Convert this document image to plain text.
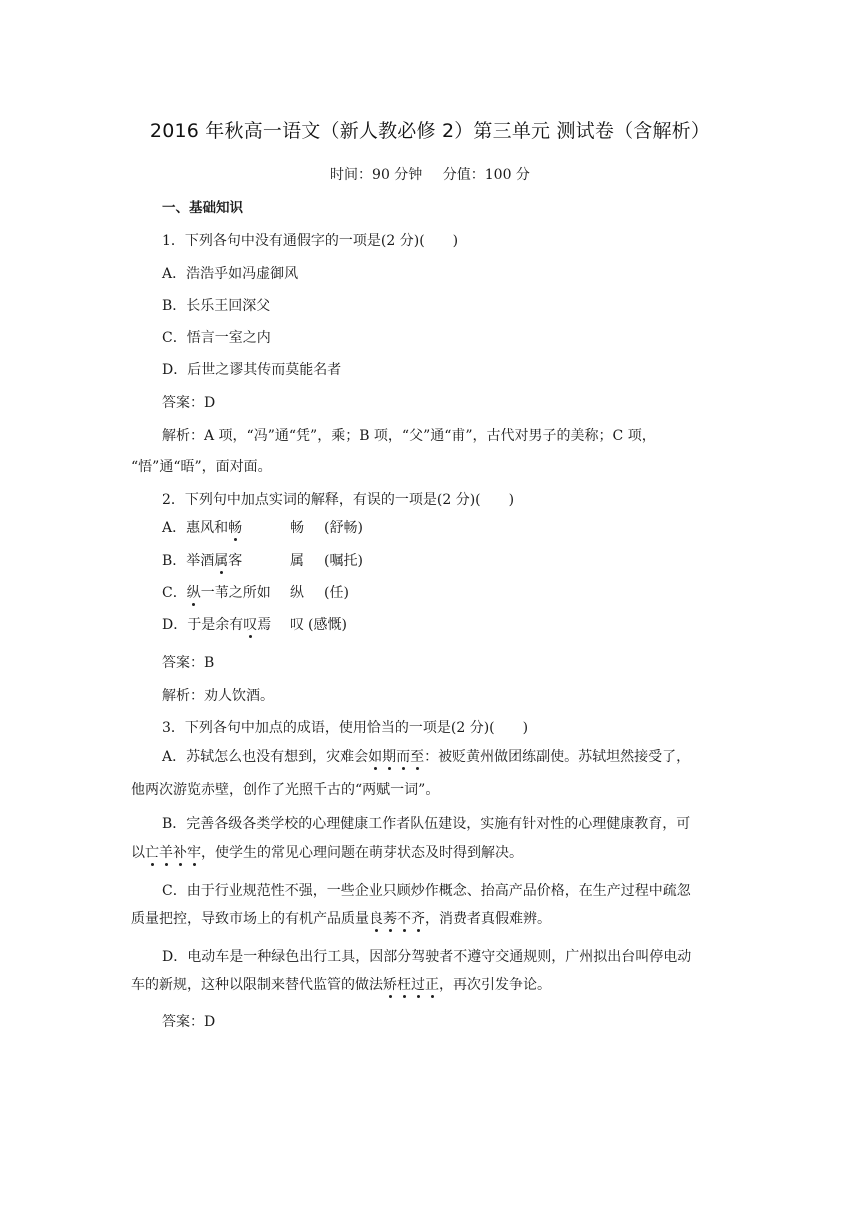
2016 年秋高一语文（新人教必修 2）第三单元 测试卷（含解析）
时间：90 分钟 分值：100 分
一、基础知识
1．下列各句中没有通假字的一项是(2 分)(　　)
A．浩浩乎如冯虚御风
B．长乐王回深父
C．悟言一室之内
D．后世之谬其传而莫能名者
答案：D
解析：A 项，“冯”通“凭”，乘；B 项，“父”通“甫”，古代对男子的美称；C 项，
“悟”通“晤”，面对面。
2．下列句中加点实词的解释，有误的一项是(2 分)(　　)
A．惠风和畅	畅 (舒畅)
B．举酒属客	属 (嘱托)
C．纵一苇之所如 纵 (任)
D．于是余有叹焉 叹 (感慨)
答案：B
解析：劝人饮酒。
3．下列各句中加点的成语，使用恰当的一项是(2 分)(　　)
A．苏轼怎么也没有想到，灾难会如期而至：被贬黄州做团练副使。苏轼坦然接受了，
他两次游览赤壁，创作了光照千古的“两赋一词”。
B．完善各级各类学校的心理健康工作者队伍建设，实施有针对性的心理健康教育，可
以亡羊补牢，使学生的常见心理问题在萌芽状态及时得到解决。
C．由于行业规范性不强，一些企业只顾炒作概念、抬高产品价格，在生产过程中疏忽
质量把控，导致市场上的有机产品质量良莠不齐，消费者真假难辨。
D．电动车是一种绿色出行工具，因部分驾驶者不遵守交通规则，广州拟出台叫停电动
车的新规，这种以限制来替代监管的做法矫枉过正，再次引发争论。
答案：D
